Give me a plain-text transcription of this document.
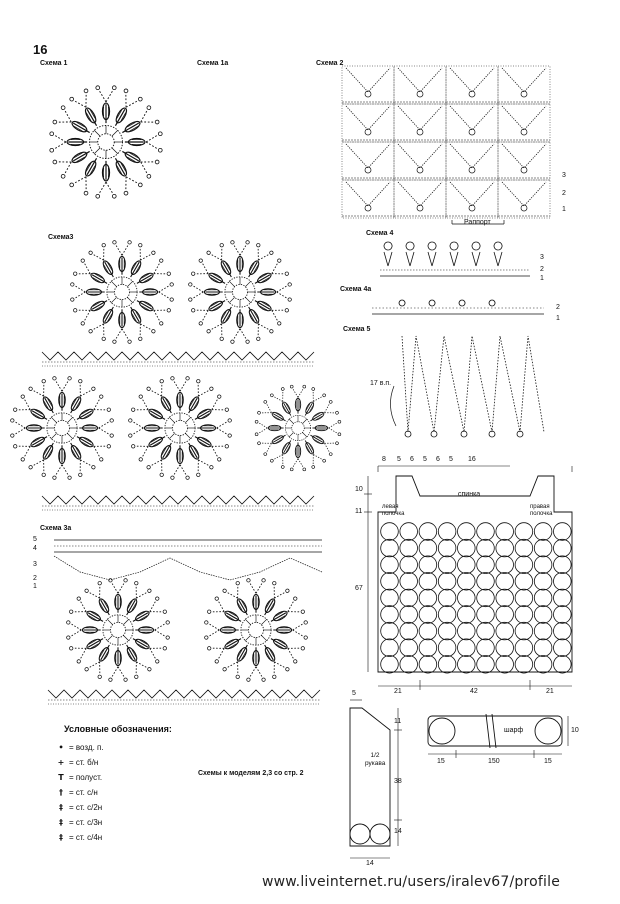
16
Схема 1	Схема 1а	Схема 2
Схема3
Схема 4
Схема 4а
Схема 5
Схема 3а
Раппорт
3
2
1
5
4
3
2
1
3
2
1
2
1
17 в.п.
8 5 6 5 6 5 16
10
11
67
спинка
левая полочка
правая полочка
21	42	21
5
1/2 рукава
11
38
14
14
шарф	10
15	150	15
Условные обозначения:
• = возд. п.
+ = ст. б/н
T = полуст.
† = ст. с/н
‡ = ст. с/2н
‡ = ст. с/3н
‡ = ст. с/4н
Схемы к моделям 2,3 со стр. 2
www.liveinternet.ru/users/iralev67/profile
